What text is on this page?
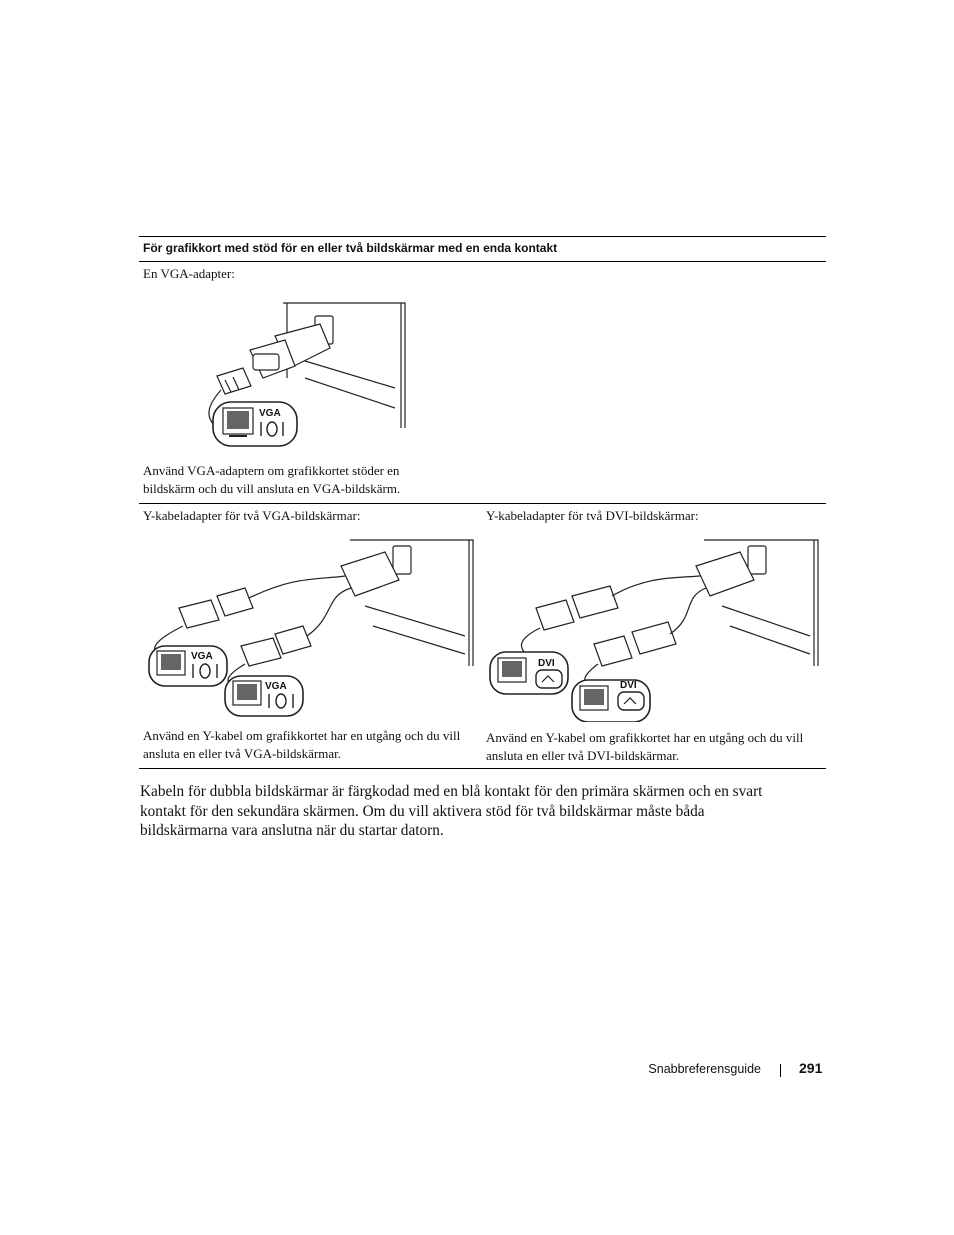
För grafikkort med stöd för en eller två bildskärmar med en enda kontakt
En VGA-adapter:
VGA
Använd VGA-adaptern om grafikkortet stöder en bildskärm och du vill ansluta en VGA-bildskärm.
Y-kabeladapter för två VGA-bildskärmar:
VGA
VGA
Använd en Y-kabel om grafikkortet har en utgång och du vill ansluta en eller två VGA-bildskärmar.
Y-kabeladapter för två DVI-bildskärmar:
DVI
DVI
Använd en Y-kabel om grafikkortet har en utgång och du vill ansluta en eller två DVI-bildskärmar.
Kabeln för dubbla bildskärmar är färgkodad med en blå kontakt för den primära skärmen och en svart kontakt för den sekundära skärmen. Om du vill aktivera stöd för två bildskärmar måste båda bildskärmarna vara anslutna när du startar datorn.
Snabbreferensguide	291
